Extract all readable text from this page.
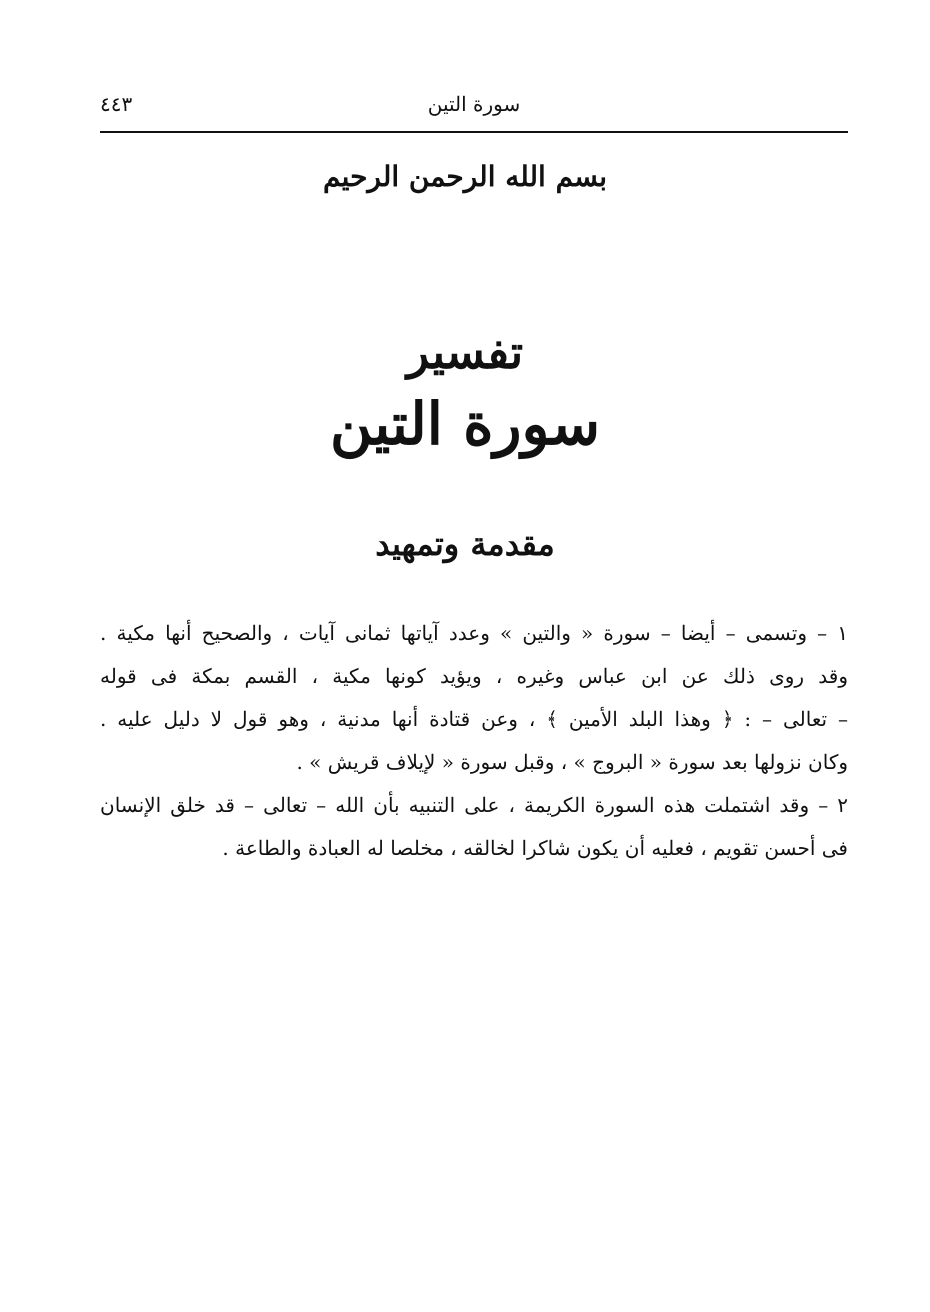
سورة التين
٤٤٣
بسم الله الرحمن الرحيم
تفسير
سورة التين
مقدمة وتمهيد
١ – وتسمى – أيضا – سورة « والتين » وعدد آياتها ثمانى آيات ، والصحيح أنها مكية .
وقد روى ذلك عن ابن عباس وغيره ، ويؤيد كونها مكية ، القسم بمكة فى قوله
– تعالى – : ﴿ وهذا البلد الأمين ﴾ ، وعن قتادة أنها مدنية ، وهو قول لا دليل عليه .
وكان نزولها بعد سورة « البروج » ، وقبل سورة « لإيلاف قريش » .
٢ – وقد اشتملت هذه السورة الكريمة ، على التنبيه بأن الله – تعالى – قد خلق الإنسان
فى أحسن تقويم ، فعليه أن يكون شاكرا لخالقه ، مخلصا له العبادة والطاعة .
